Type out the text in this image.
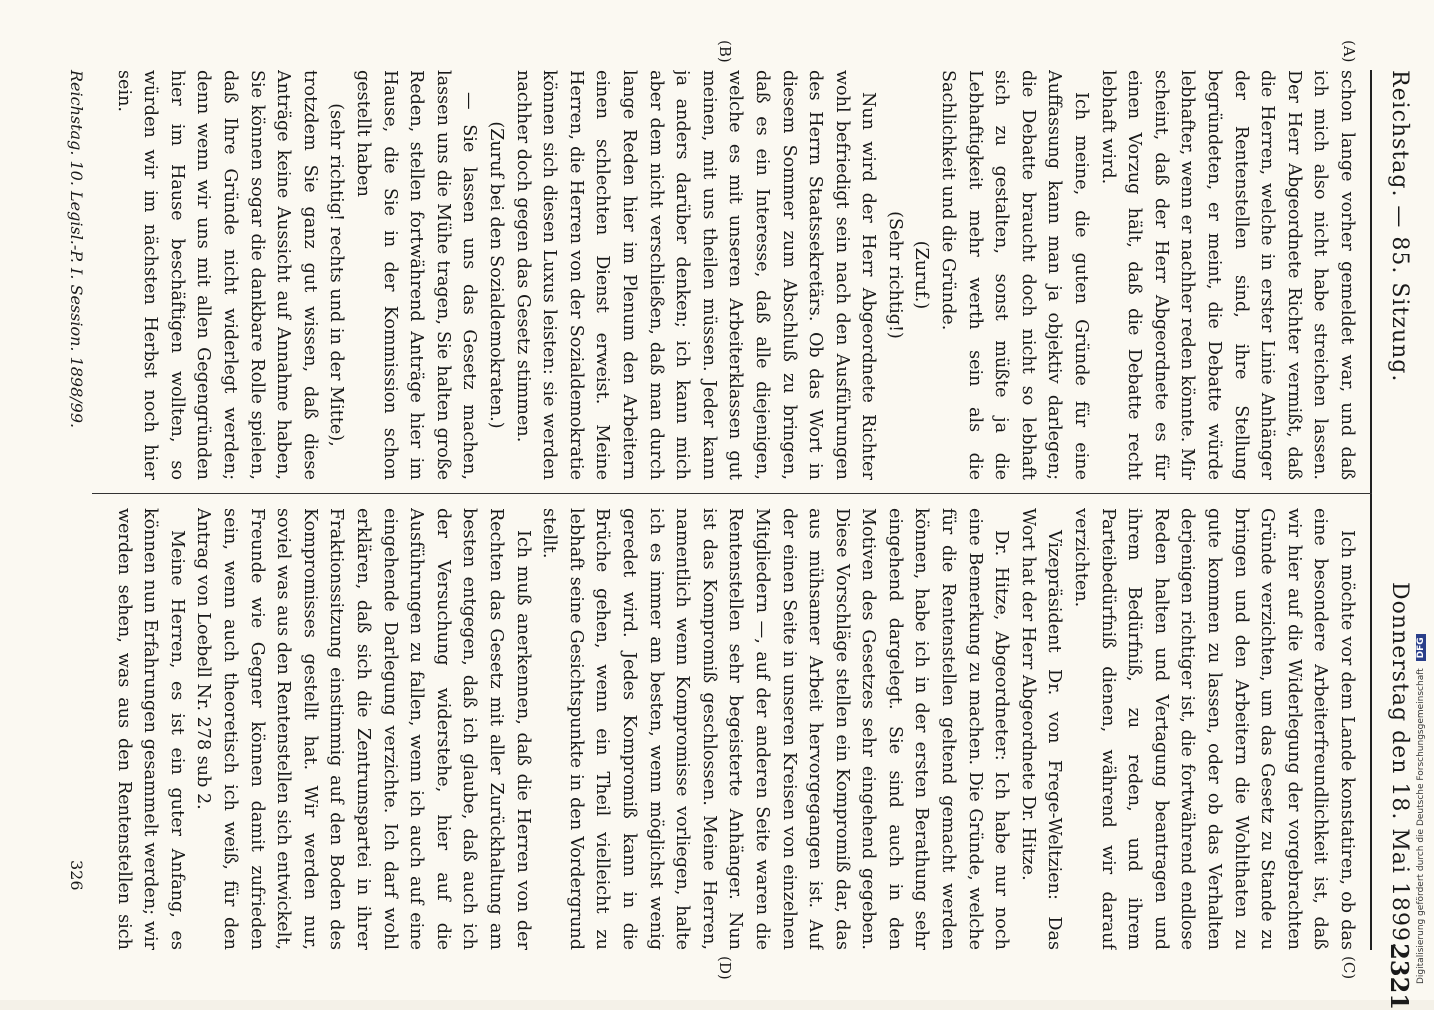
Reichstag. — 85. Sitzung.
Donnerstag den 18. Mai 1899.
2321
(A)
(B)
(C)
(D)

schon lange vorher gemeldet war, und daß ich mich also nicht habe streichen lassen. Der Herr Abgeordnete Richter vermißt, daß die Herren, welche in erster Linie Anhänger der Rentenstellen sind, ihre Stellung begründeten, er meint, die Debatte würde lebhafter, wenn er nachher reden könnte. Mir scheint, daß der Herr Abgeordnete es für einen Vorzug hält, daß die Debatte recht lebhaft wird.

Ich meine, die guten Gründe für eine Auffassung kann man ja objektiv darlegen; die Debatte braucht doch nicht so lebhaft sich zu gestalten, sonst müßte ja die Lebhaftigkeit mehr werth sein als die Sachlichkeit und die Gründe.

(Zuruf.)

(Sehr richtig!)

Nun wird der Herr Abgeordnete Richter wohl befriedigt sein nach den Ausführungen des Herrn Staatssekretärs. Ob das Wort in diesem Sommer zum Abschluß zu bringen, daß es ein Interesse, daß alle diejenigen, welche es mit unseren Arbeiterklassen gut meinen, mit uns theilen müssen. Jeder kann ja anders darüber denken; ich kann mich aber dem nicht verschließen, daß man durch lange Reden hier im Plenum den Arbeitern einen schlechten Dienst erweist. Meine Herren, die Herren von der Sozialdemokratie können sich diesen Luxus leisten: sie werden nachher doch gegen das Gesetz stimmen.

(Zuruf bei den Sozialdemokraten.)

— Sie lassen uns das Gesetz machen, lassen uns die Mühe tragen, Sie halten große Reden, stellen fortwährend Anträge hier im Hause, die Sie in der Kommission schon gestellt haben

(sehr richtig! rechts und in der Mitte),

trotzdem Sie ganz gut wissen, daß diese Anträge keine Aussicht auf Annahme haben, Sie können sogar die dankbare Rolle spielen, daß Ihre Gründe nicht widerlegt werden; denn wenn wir uns mit allen Gegengründen hier im Hause beschäftigen wollten, so würden wir im nächsten Herbst noch hier sein.

Ich möchte vor dem Lande konstatiren, ob das eine besondere Arbeiterfreundlichkeit ist, daß wir hier auf die Widerlegung der vorgebrachten Gründe verzichten, um das Gesetz zu Stande zu bringen und den Arbeitern die Wohlthaten zu gute kommen zu lassen, oder ob das Verhalten derjenigen richtiger ist, die fortwährend endlose Reden halten und Vertagung beantragen und ihrem Bedürfniß, zu reden, und ihrem Parteibedürfniß dienen, während wir darauf verzichten.

Vizepräsident Dr. von Frege-Weltzien: Das Wort hat der Herr Abgeordnete Dr. Hitze.

Dr. Hitze, Abgeordneter: Ich habe nur noch eine Bemerkung zu machen. Die Gründe, welche für die Rentenstellen geltend gemacht werden können, habe ich in der ersten Berathung sehr eingehend dargelegt. Sie sind auch in den Motiven des Gesetzes sehr eingehend gegeben. Diese Vorschläge stellen ein Kompromiß dar, das aus mühsamer Arbeit hervorgegangen ist. Auf der einen Seite in unseren Kreisen von einzelnen Mitgliedern —, auf der anderen Seite waren die Rentenstellen sehr begeisterte Anhänger. Nun ist das Kompromiß geschlossen. Meine Herren, namentlich wenn Kompromisse vorliegen, halte ich es immer am besten, wenn möglichst wenig geredet wird. Jedes Kompromiß kann in die Brüche gehen, wenn ein Theil vielleicht zu lebhaft seine Gesichtspunkte in den Vordergrund stellt.

Ich muß anerkennen, daß die Herren von der Rechten das Gesetz mit aller Zurückhaltung am besten entgegen, daß ich glaube, daß auch ich der Versuchung widerstehe, hier auf die Ausführungen zu fallen, wenn ich auch auf eine eingehende Darlegung verzichte. Ich darf wohl erklären, daß sich die Zentrumspartei in ihrer Fraktionssitzung einstimmig auf den Boden des Kompromisses gestellt hat. Wir werden nur, soviel was aus den Rentenstellen sich entwickelt, Freunde wie Gegner können damit zufrieden sein, wenn auch theoretisch ich weiß, für den Antrag von Loebell Nr. 278 sub 2.

Meine Herren, es ist ein guter Anfang, es können nun Erfahrungen gesammelt werden; wir werden sehen, was aus den Rentenstellen sich

Reichstag. 10. Legisl.-P. I. Session. 1898/99.
326	Digitalisierung gefördert durch die Deutsche Forschungsgemeinschaft DFG
